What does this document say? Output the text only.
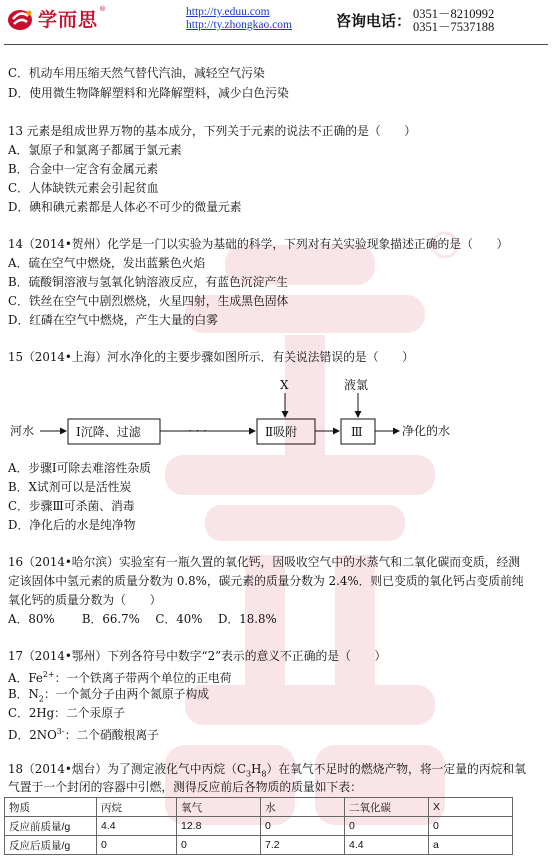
学而思 ®	http://ty.eduu.com
http://ty.zhongkao.com	咨询电话： 0351－8210992
0351－7537188
C．机动车用压缩天然气替代汽油，减轻空气污染
D．使用微生物降解塑料和光降解塑料，减少白色污染
13 元素是组成世界万物的基本成分，下列关于元素的说法不正确的是（　　）
A．氯原子和氯离子都属于氯元素
B．合金中一定含有金属元素
C．人体缺铁元素会引起贫血
D．碘和碘元素都是人体必不可少的微量元素
14（2014•贺州）化学是一门以实验为基础的科学，下列对有关实验现象描述正确的是（　　）
A．硫在空气中燃烧，发出蓝紫色火焰
B．硫酸铜溶液与氢氧化钠溶液反应，有蓝色沉淀产生
C．铁丝在空气中剧烈燃烧，火星四射，生成黑色固体
D．红磷在空气中燃烧，产生大量的白雾
15（2014•上海）河水净化的主要步骤如图所示．有关说法错误的是（　　）
河水	Ⅰ沉降、过滤	· · ·	Ⅱ吸附
X
Ⅲ
液氯
净化的水
A．步骤Ⅰ可除去难溶性杂质
B．X试剂可以是活性炭
C．步骤Ⅲ可杀菌、消毒
D．净化后的水是纯净物
16（2014•哈尔滨）实验室有一瓶久置的氧化钙，因吸收空气中的水蒸气和二氧化碳而变质，经测
定该固体中氢元素的质量分数为 0.8%，碳元素的质量分数为 2.4%．则已变质的氧化钙占变质前纯
氧化钙的质量分数为（　　）
A．80%　　 B．66.7%　 C．40%　 D．18.8%
17（2014•鄂州）下列各符号中数字“2”表示的意义不正确的是（　　）
A．$Fe^{2+}$：一个铁离子带两个单位的正电荷
B．$N_2$：一个氮分子由两个氮原子构成
C．2Hg：二个汞原子
D．$2NO^{3-}$：二个硝酸根离子
18（2014•烟台）为了测定液化气中丙烷$(C_3H_8)$在氧气不足时的燃烧产物，将一定量的丙烷和氧
气置于一个封闭的容器中引燃，测得反应前后各物质的质量如下表：
物质	丙烷	氧气	水	二氧化碳	X
反应前质量/g	4.4	12.8	0	0	0
反应后质量/g	0	0	7.2	4.4	a
